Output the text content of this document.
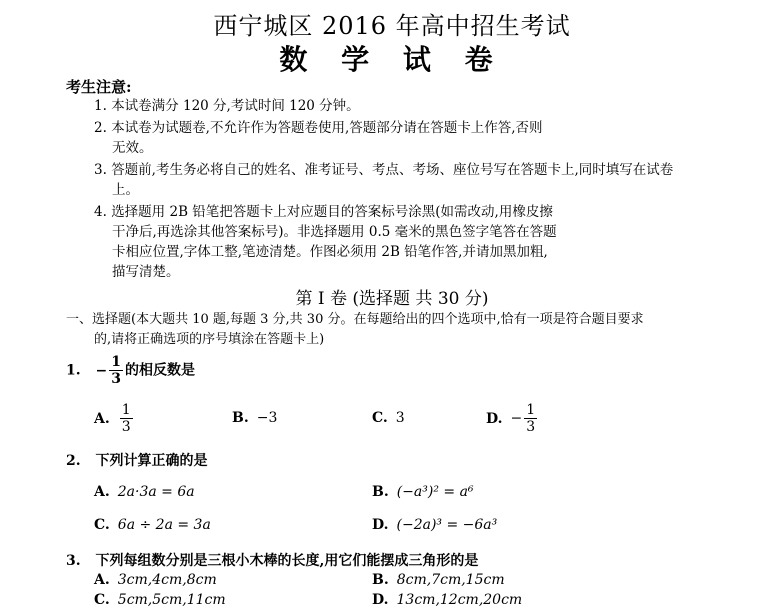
西宁城区 2016 年高中招生考试
数 学 试 卷
考生注意:
1. 本试卷满分 120 分,考试时间 120 分钟。
2. 本试卷为试题卷,不允许作为答题卷使用,答题部分请在答题卡上作答,否则
无效。
3. 答题前,考生务必将自己的姓名、准考证号、考点、考场、座位号写在答题卡上,同时填写在试卷
上。
4. 选择题用 2B 铅笔把答题卡上对应题目的答案标号涂黑(如需改动,用橡皮擦
干净后,再选涂其他答案标号)。非选择题用 0.5 毫米的黑色签字笔答在答题
卡相应位置,字体工整,笔迹清楚。作图必须用 2B 铅笔作答,并请加黑加粗,
描写清楚。
第 I 卷 (选择题 共 30 分)
一、选择题(本大题共 10 题,每题 3 分,共 30 分。在每题给出的四个选项中,恰有一项是符合题目要求
的,请将正确选项的序号填涂在答题卡上)
1. − $\frac{1}{3}$ 的相反数是
A. $\frac{1}{3}$	B. −3	C. 3	D. − $\frac{1}{3}$
2. 下列计算正确的是
A. 2a·3a = 6a	B. (−a³)² = a⁶
C. 6a ÷ 2a = 3a	D. (−2a)³ = −6a³
3. 下列每组数分别是三根小木棒的长度,用它们能摆成三角形的是
A. 3cm,4cm,8cm	B. 8cm,7cm,15cm
C. 5cm,5cm,11cm	D. 13cm,12cm,20cm
